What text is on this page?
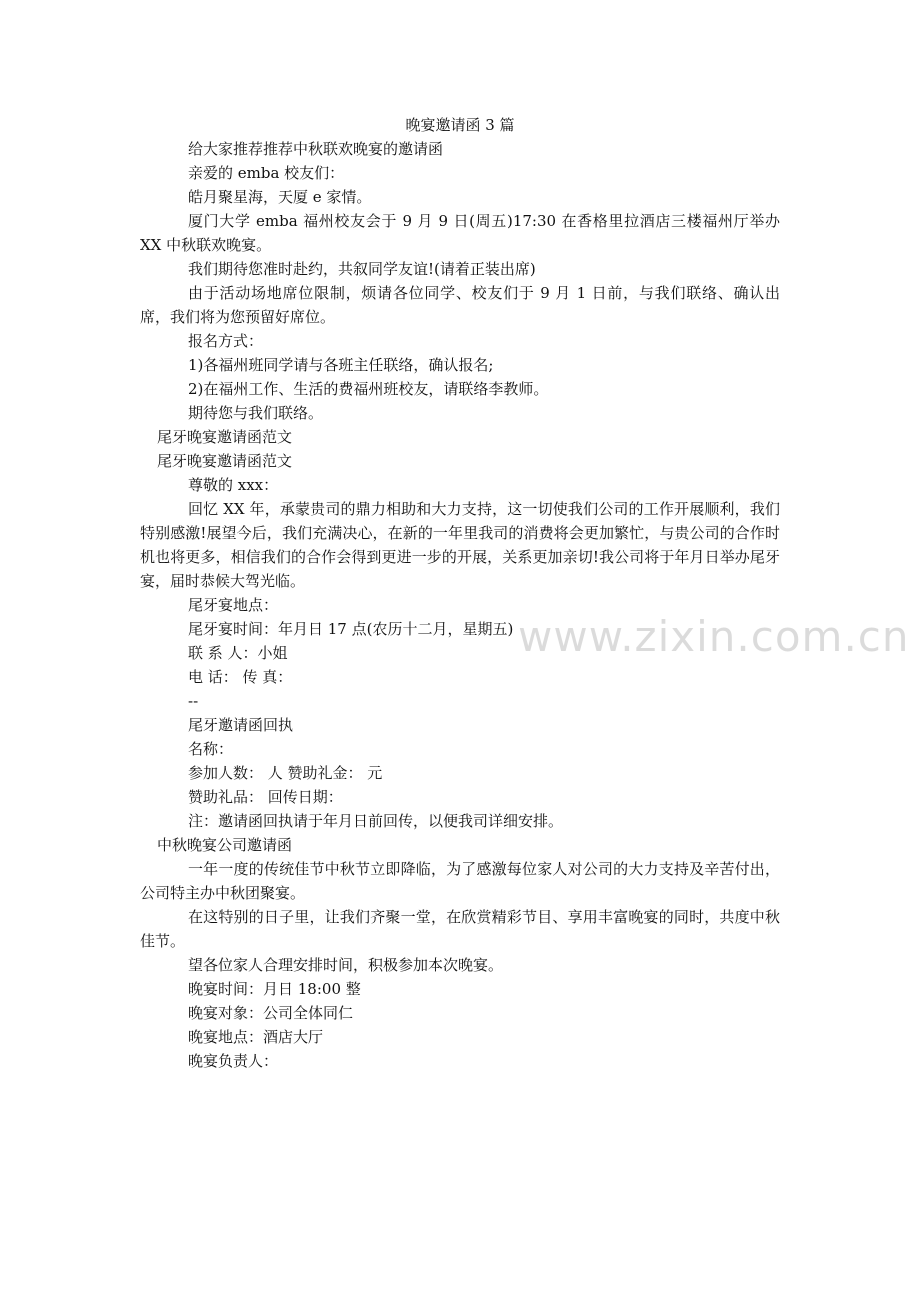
晚宴邀请函 3 篇
给大家推荐推荐中秋联欢晚宴的邀请函
亲爱的 emba 校友们：
皓月聚星海，天厦 e 家情。
厦门大学 emba 福州校友会于 9 月 9 日(周五)17:30 在香格里拉酒店三楼福州厅举办 XX 中秋联欢晚宴。
我们期待您准时赴约，共叙同学友谊!(请着正装出席)
由于活动场地席位限制，烦请各位同学、校友们于 9 月 1 日前，与我们联络、确认出席，我们将为您预留好席位。
报名方式：
1)各福州班同学请与各班主任联络，确认报名;
2)在福州工作、生活的费福州班校友，请联络李教师。
期待您与我们联络。
尾牙晚宴邀请函范文
尾牙晚宴邀请函范文
尊敬的 xxx：
回忆 XX 年，承蒙贵司的鼎力相助和大力支持，这一切使我们公司的工作开展顺利，我们特别感激!展望今后，我们充满决心，在新的一年里我司的消费将会更加繁忙，与贵公司的合作时机也将更多，相信我们的合作会得到更进一步的开展，关系更加亲切!我公司将于年月日举办尾牙宴，届时恭候大驾光临。
尾牙宴地点：
尾牙宴时间：年月日 17 点(农历十二月，星期五)
联 系 人：小姐
电 话： 传 真：
--
尾牙邀请函回执
名称：
参加人数： 人 赞助礼金： 元
赞助礼品： 回传日期：
注：邀请函回执请于年月日前回传，以便我司详细安排。
中秋晚宴公司邀请函
一年一度的传统佳节中秋节立即降临，为了感激每位家人对公司的大力支持及辛苦付出，公司特主办中秋团聚宴。
在这特别的日子里，让我们齐聚一堂，在欣赏精彩节目、享用丰富晚宴的同时，共度中秋佳节。
望各位家人合理安排时间，积极参加本次晚宴。
晚宴时间：月日 18:00 整
晚宴对象：公司全体同仁
晚宴地点：酒店大厅
晚宴负责人：
www.zixin.com.cn
